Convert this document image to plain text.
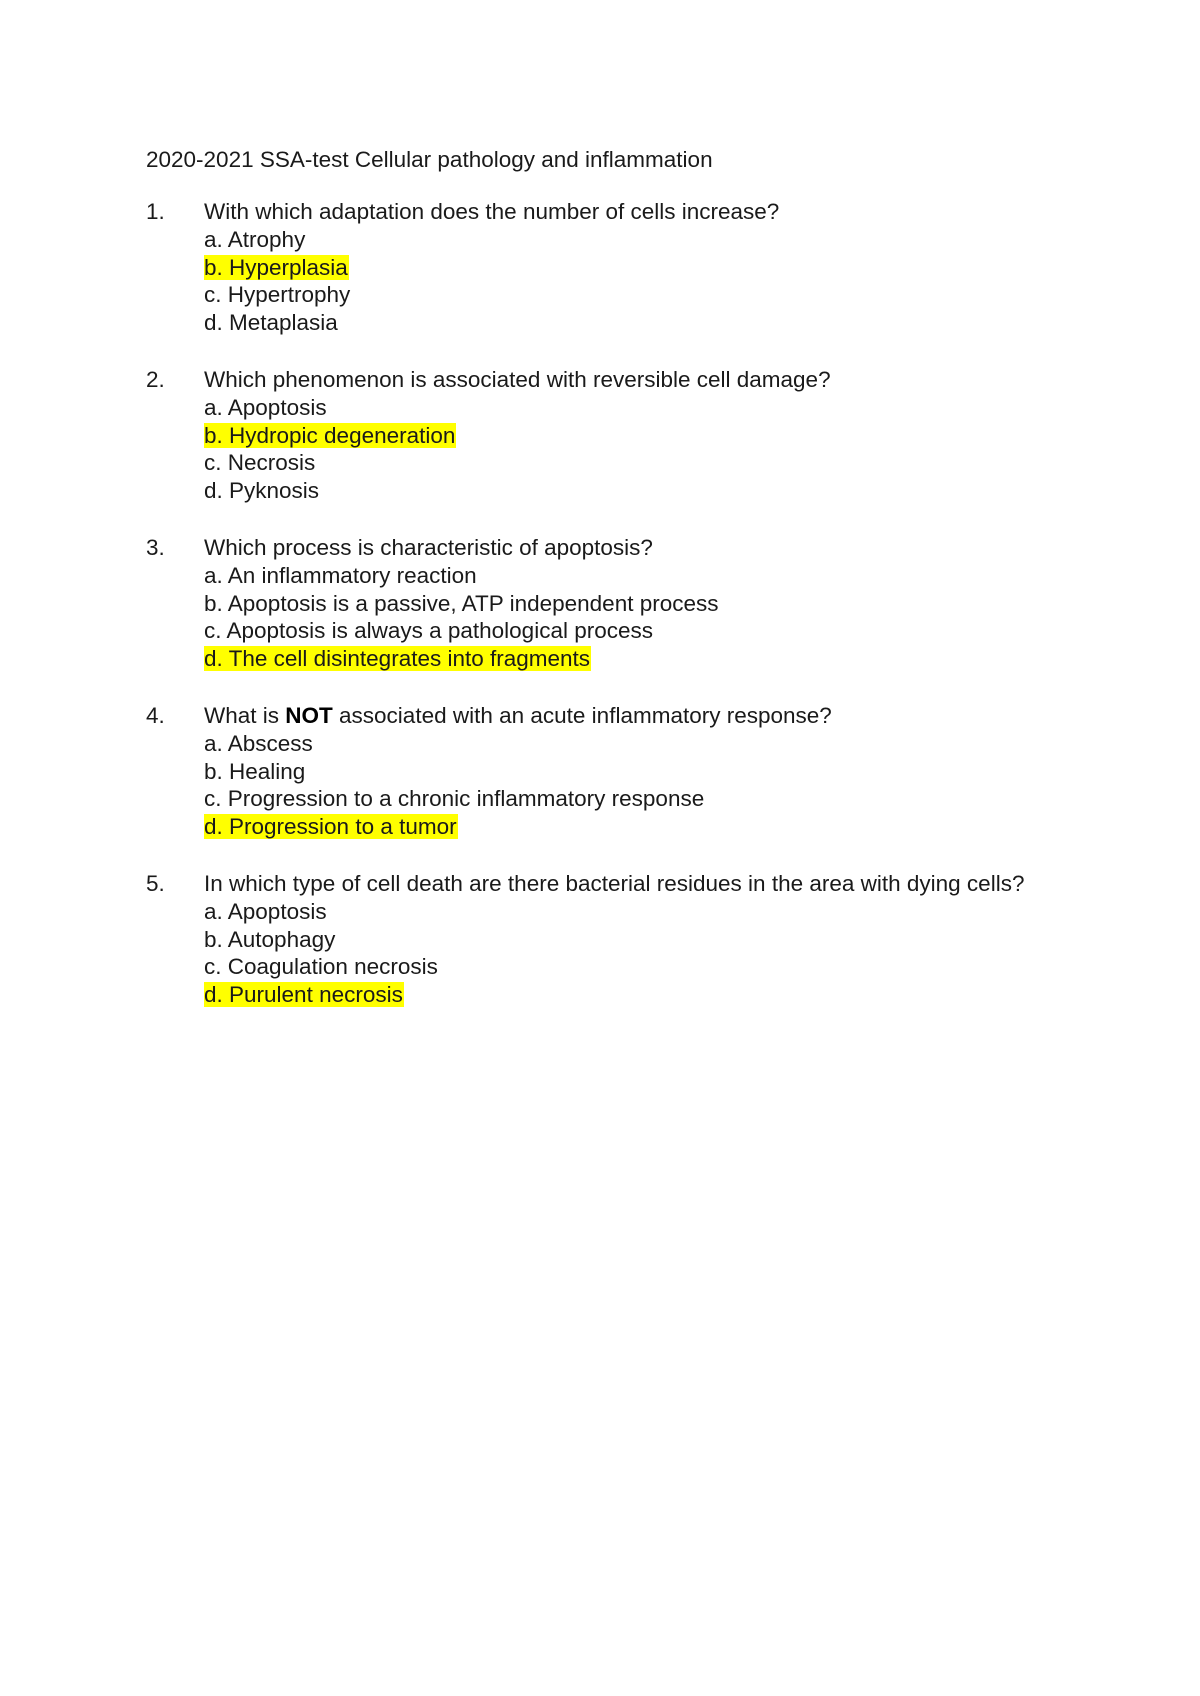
2020-2021 SSA-test Cellular pathology and inflammation
1.	With which adaptation does the number of cells increase?
a. Atrophy
b. Hyperplasia
c. Hypertrophy
d. Metaplasia
2.	Which phenomenon is associated with reversible cell damage?
a. Apoptosis
b. Hydropic degeneration
c. Necrosis
d. Pyknosis
3.	Which process is characteristic of apoptosis?
a. An inflammatory reaction
b. Apoptosis is a passive, ATP independent process
c. Apoptosis is always a pathological process
d. The cell disintegrates into fragments
4.	What is NOT associated with an acute inflammatory response?
a. Abscess
b. Healing
c. Progression to a chronic inflammatory response
d. Progression to a tumor
5.	In which type of cell death are there bacterial residues in the area with dying cells?
a. Apoptosis
b. Autophagy
c. Coagulation necrosis
d. Purulent necrosis
